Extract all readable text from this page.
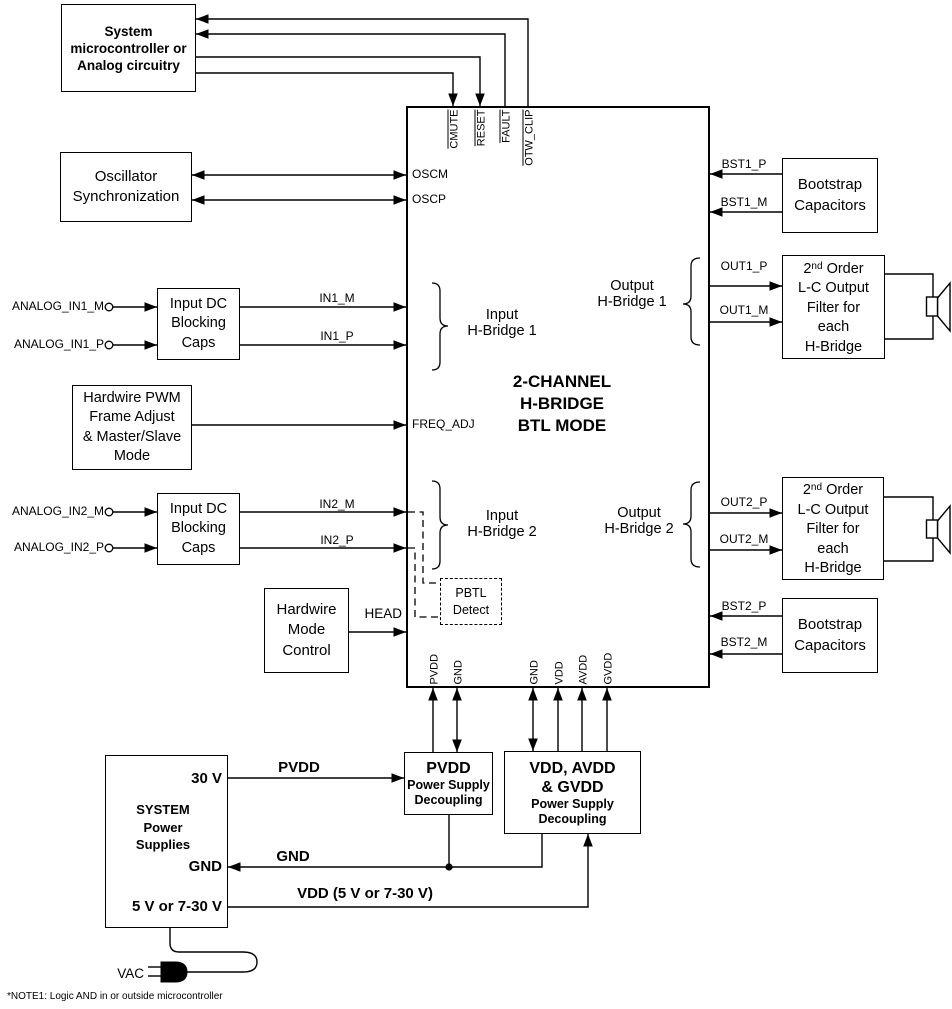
System
microcontroller or
Analog circuitry
Oscillator
Synchronization
Input DC
Blocking
Caps
Hardwire PWM
Frame Adjust
& Master/Slave
Mode
Input DC
Blocking
Caps
Hardwire
Mode
Control
PBTL
Detect
Bootstrap
Capacitors
2nd Order
L-C Output
Filter for
each
H-Bridge
2nd Order
L-C Output
Filter for
each
H-Bridge
Bootstrap
Capacitors
PVDD
Power Supply
Decoupling
VDD, AVDD
& GVDD
Power Supply
Decoupling
2-CHANNEL
H-BRIDGE
BTL MODE
Input
H-Bridge 1
Output
H-Bridge 1
Input
H-Bridge 2
Output
H-Bridge 2
OSCM
OSCP
FREQ_ADJ
CMUTE RESET FAULT OTW_CLIP
PVDD GND	GND VDD AVDD GVDD
ANALOG_IN1_M
ANALOG_IN1_P
ANALOG_IN2_M
ANALOG_IN2_P
IN1_M
IN1_P
IN2_M
IN2_P
HEAD
BST1_P
BST1_M
OUT1_P
OUT1_M
OUT2_P
OUT2_M
BST2_P
BST2_M
SYSTEM
Power
Supplies
30 V
GND
5 V or 7-30 V
PVDD
GND
VDD (5 V or 7-30 V)
VAC
*NOTE1: Logic AND in or outside microcontroller
